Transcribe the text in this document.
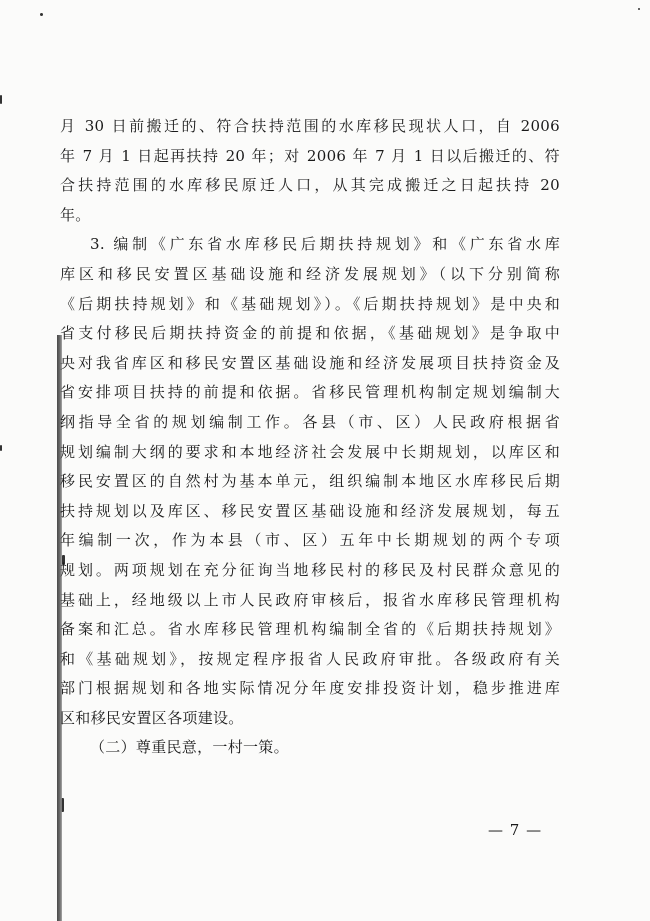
月 30 日前搬迁的、符合扶持范围的水库移民现状人口，自 2006
年 7 月 1 日起再扶持 20 年；对 2006 年 7 月 1 日以后搬迁的、符
合扶持范围的水库移民原迁人口，从其完成搬迁之日起扶持 20
年。
3. 编制《广东省水库移民后期扶持规划》和《广东省水库
库区和移民安置区基础设施和经济发展规划》（以下分别简称
《后期扶持规划》和《基础规划》）。《后期扶持规划》是中央和
省支付移民后期扶持资金的前提和依据，《基础规划》是争取中
央对我省库区和移民安置区基础设施和经济发展项目扶持资金及
省安排项目扶持的前提和依据。省移民管理机构制定规划编制大
纲指导全省的规划编制工作。各县（市、区）人民政府根据省
规划编制大纲的要求和本地经济社会发展中长期规划，以库区和
移民安置区的自然村为基本单元，组织编制本地区水库移民后期
扶持规划以及库区、移民安置区基础设施和经济发展规划，每五
年编制一次，作为本县（市、区）五年中长期规划的两个专项
规划。两项规划在充分征询当地移民村的移民及村民群众意见的
基础上，经地级以上市人民政府审核后，报省水库移民管理机构
备案和汇总。省水库移民管理机构编制全省的《后期扶持规划》
和《基础规划》，按规定程序报省人民政府审批。各级政府有关
部门根据规划和各地实际情况分年度安排投资计划，稳步推进库
区和移民安置区各项建设。
（二）尊重民意，一村一策。
— 7 —
